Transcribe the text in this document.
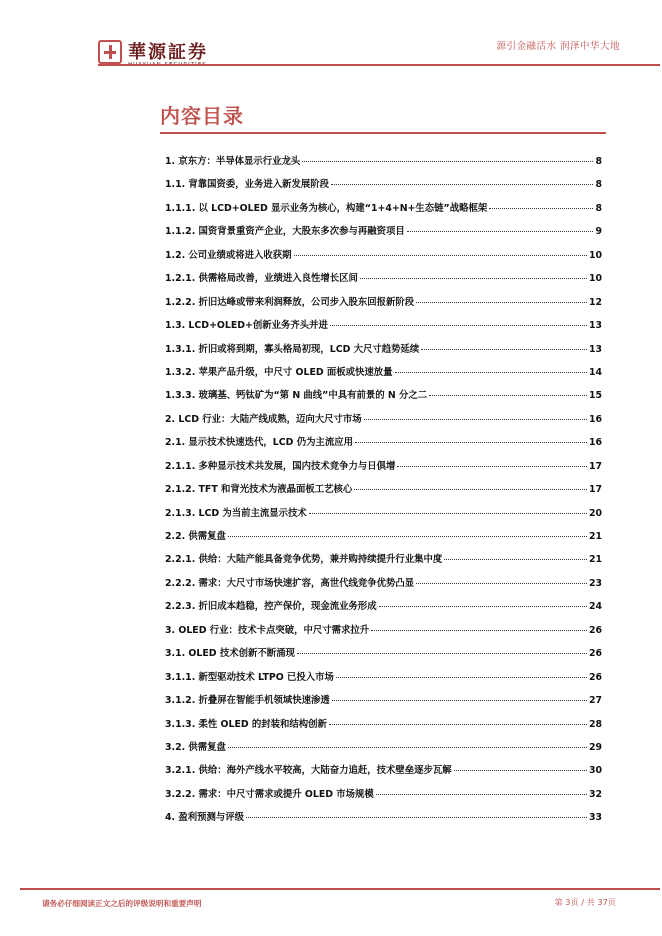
華源証券	源引金融活水 润泽中华大地
内容目录
1. 京东方：半导体显示行业龙头	8
1.1. 背靠国资委，业务进入新发展阶段	8
1.1.1. 以 LCD+OLED 显示业务为核心，构建“1+4+N+生态链”战略框架	8
1.1.2. 国资背景重资产企业，大股东多次参与再融资项目	9
1.2. 公司业绩或将进入收获期	10
1.2.1. 供需格局改善，业绩进入良性增长区间	10
1.2.2. 折旧达峰或带来利润释放，公司步入股东回报新阶段	12
1.3. LCD+OLED+创新业务齐头并进	13
1.3.1. 折旧或将到期，寡头格局初现，LCD 大尺寸趋势延续	13
1.3.2. 苹果产品升级，中尺寸 OLED 面板或快速放量	14
1.3.3. 玻璃基、钙钛矿为“第 N 曲线”中具有前景的 N 分之二	15
2. LCD 行业：大陆产线成熟，迈向大尺寸市场	16
2.1. 显示技术快速迭代，LCD 仍为主流应用	16
2.1.1. 多种显示技术共发展，国内技术竞争力与日俱增	17
2.1.2. TFT 和背光技术为液晶面板工艺核心	17
2.1.3. LCD 为当前主流显示技术	20
2.2. 供需复盘	21
2.2.1. 供给：大陆产能具备竞争优势，兼并购持续提升行业集中度	21
2.2.2. 需求：大尺寸市场快速扩容，高世代线竞争优势凸显	23
2.2.3. 折旧成本趋稳，控产保价，现金流业务形成	24
3. OLED 行业：技术卡点突破，中尺寸需求拉升	26
3.1. OLED 技术创新不断涌现	26
3.1.1. 新型驱动技术 LTPO 已投入市场	26
3.1.2. 折叠屏在智能手机领域快速渗透	27
3.1.3. 柔性 OLED 的封装和结构创新	28
3.2. 供需复盘	29
3.2.1. 供给：海外产线水平较高，大陆奋力追赶，技术壁垒逐步瓦解	30
3.2.2. 需求：中尺寸需求或提升 OLED 市场规模	32
4. 盈利预测与评级	33
请务必仔细阅读正文之后的评级说明和重要声明	第 3页 / 共 37页
